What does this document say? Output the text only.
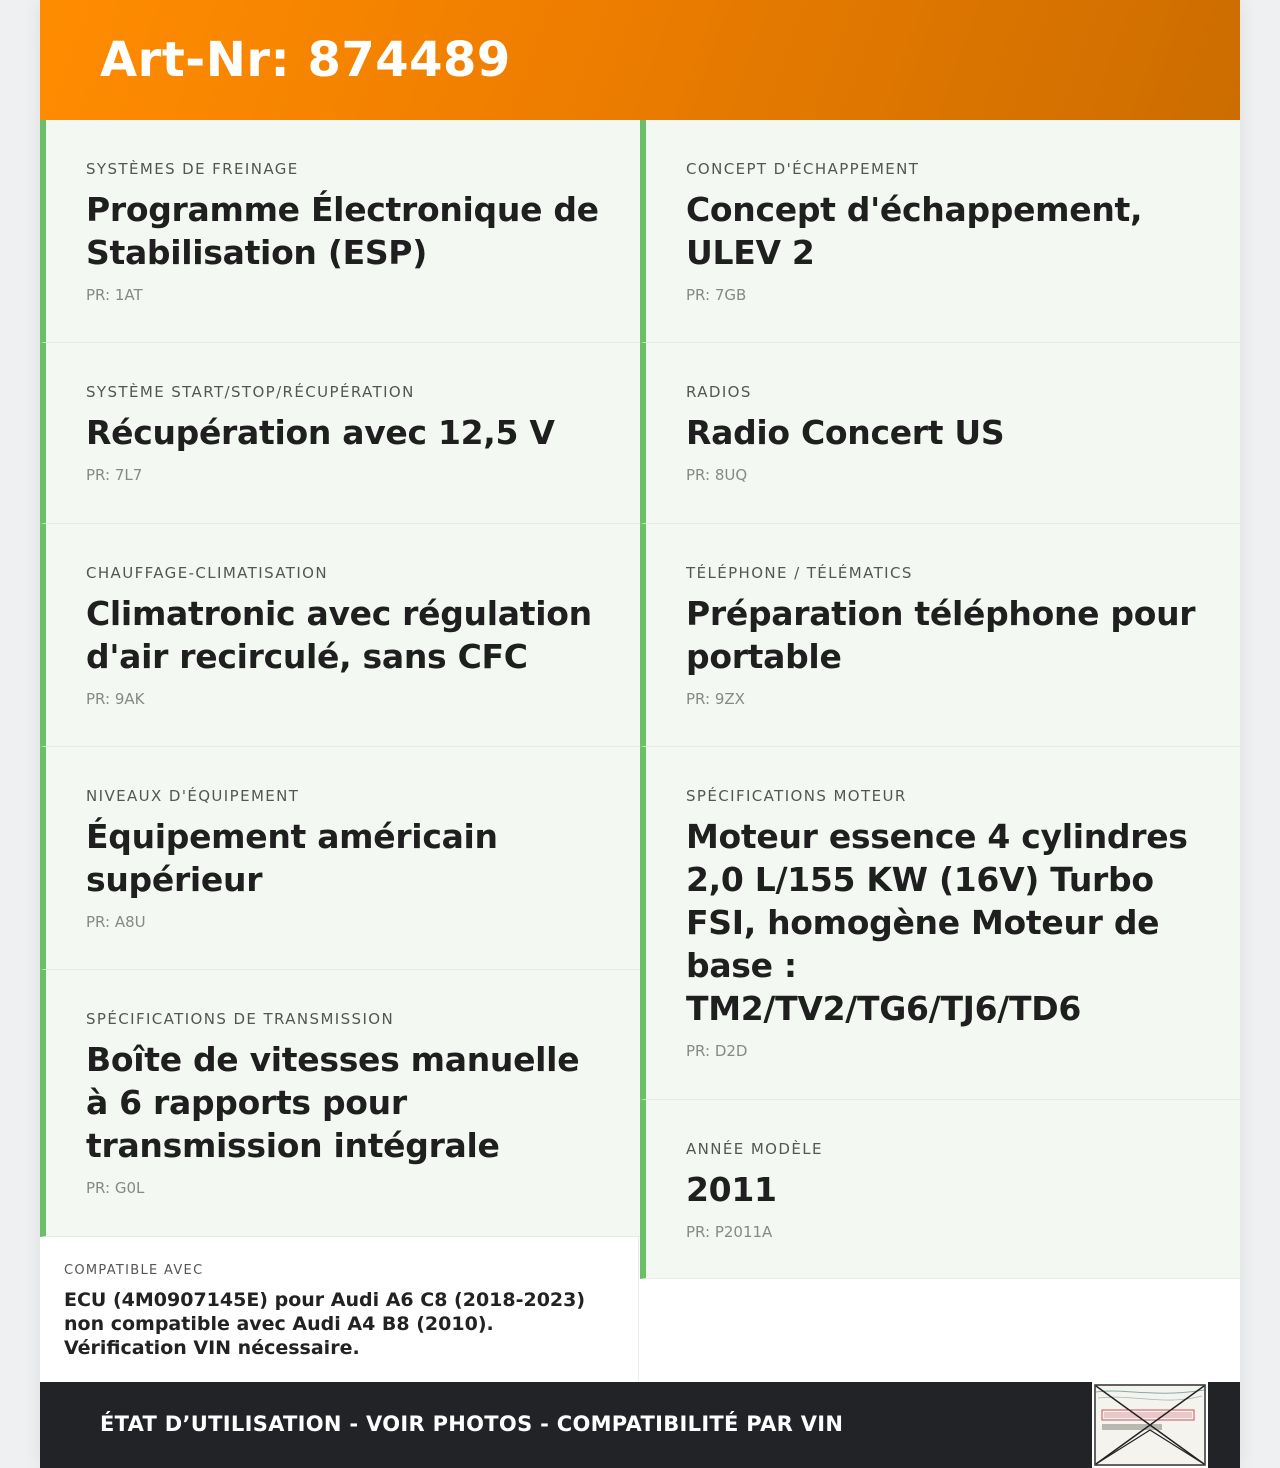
Art-Nr: 874489
SYSTÈMES DE FREINAGE
Programme Électronique de Stabilisation (ESP)
PR: 1AT
SYSTÈME START/STOP/RÉCUPÉRATION
Récupération avec 12,5 V
PR: 7L7
CHAUFFAGE-CLIMATISATION
Climatronic avec régulation d'air recirculé, sans CFC
PR: 9AK
NIVEAUX D'ÉQUIPEMENT
Équipement américain supérieur
PR: A8U
SPÉCIFICATIONS DE TRANSMISSION
Boîte de vitesses manuelle à 6 rapports pour transmission intégrale
PR: G0L
CONCEPT D'ÉCHAPPEMENT
Concept d'échappement, ULEV 2
PR: 7GB
RADIOS
Radio Concert US
PR: 8UQ
TÉLÉPHONE / TÉLÉMATICS
Préparation téléphone pour portable
PR: 9ZX
SPÉCIFICATIONS MOTEUR
Moteur essence 4 cylindres 2,0 L/155 KW (16V) Turbo FSI, homogène Moteur de base : TM2/TV2/TG6/TJ6/TD6
PR: D2D
ANNÉE MODÈLE
2011
PR: P2011A
COMPATIBLE AVEC
ECU (4M0907145E) pour Audi A6 C8 (2018-2023) non compatible avec Audi A4 B8 (2010). Vérification VIN nécessaire.
ÉTAT D’UTILISATION - VOIR PHOTOS - COMPATIBILITÉ PAR VIN
